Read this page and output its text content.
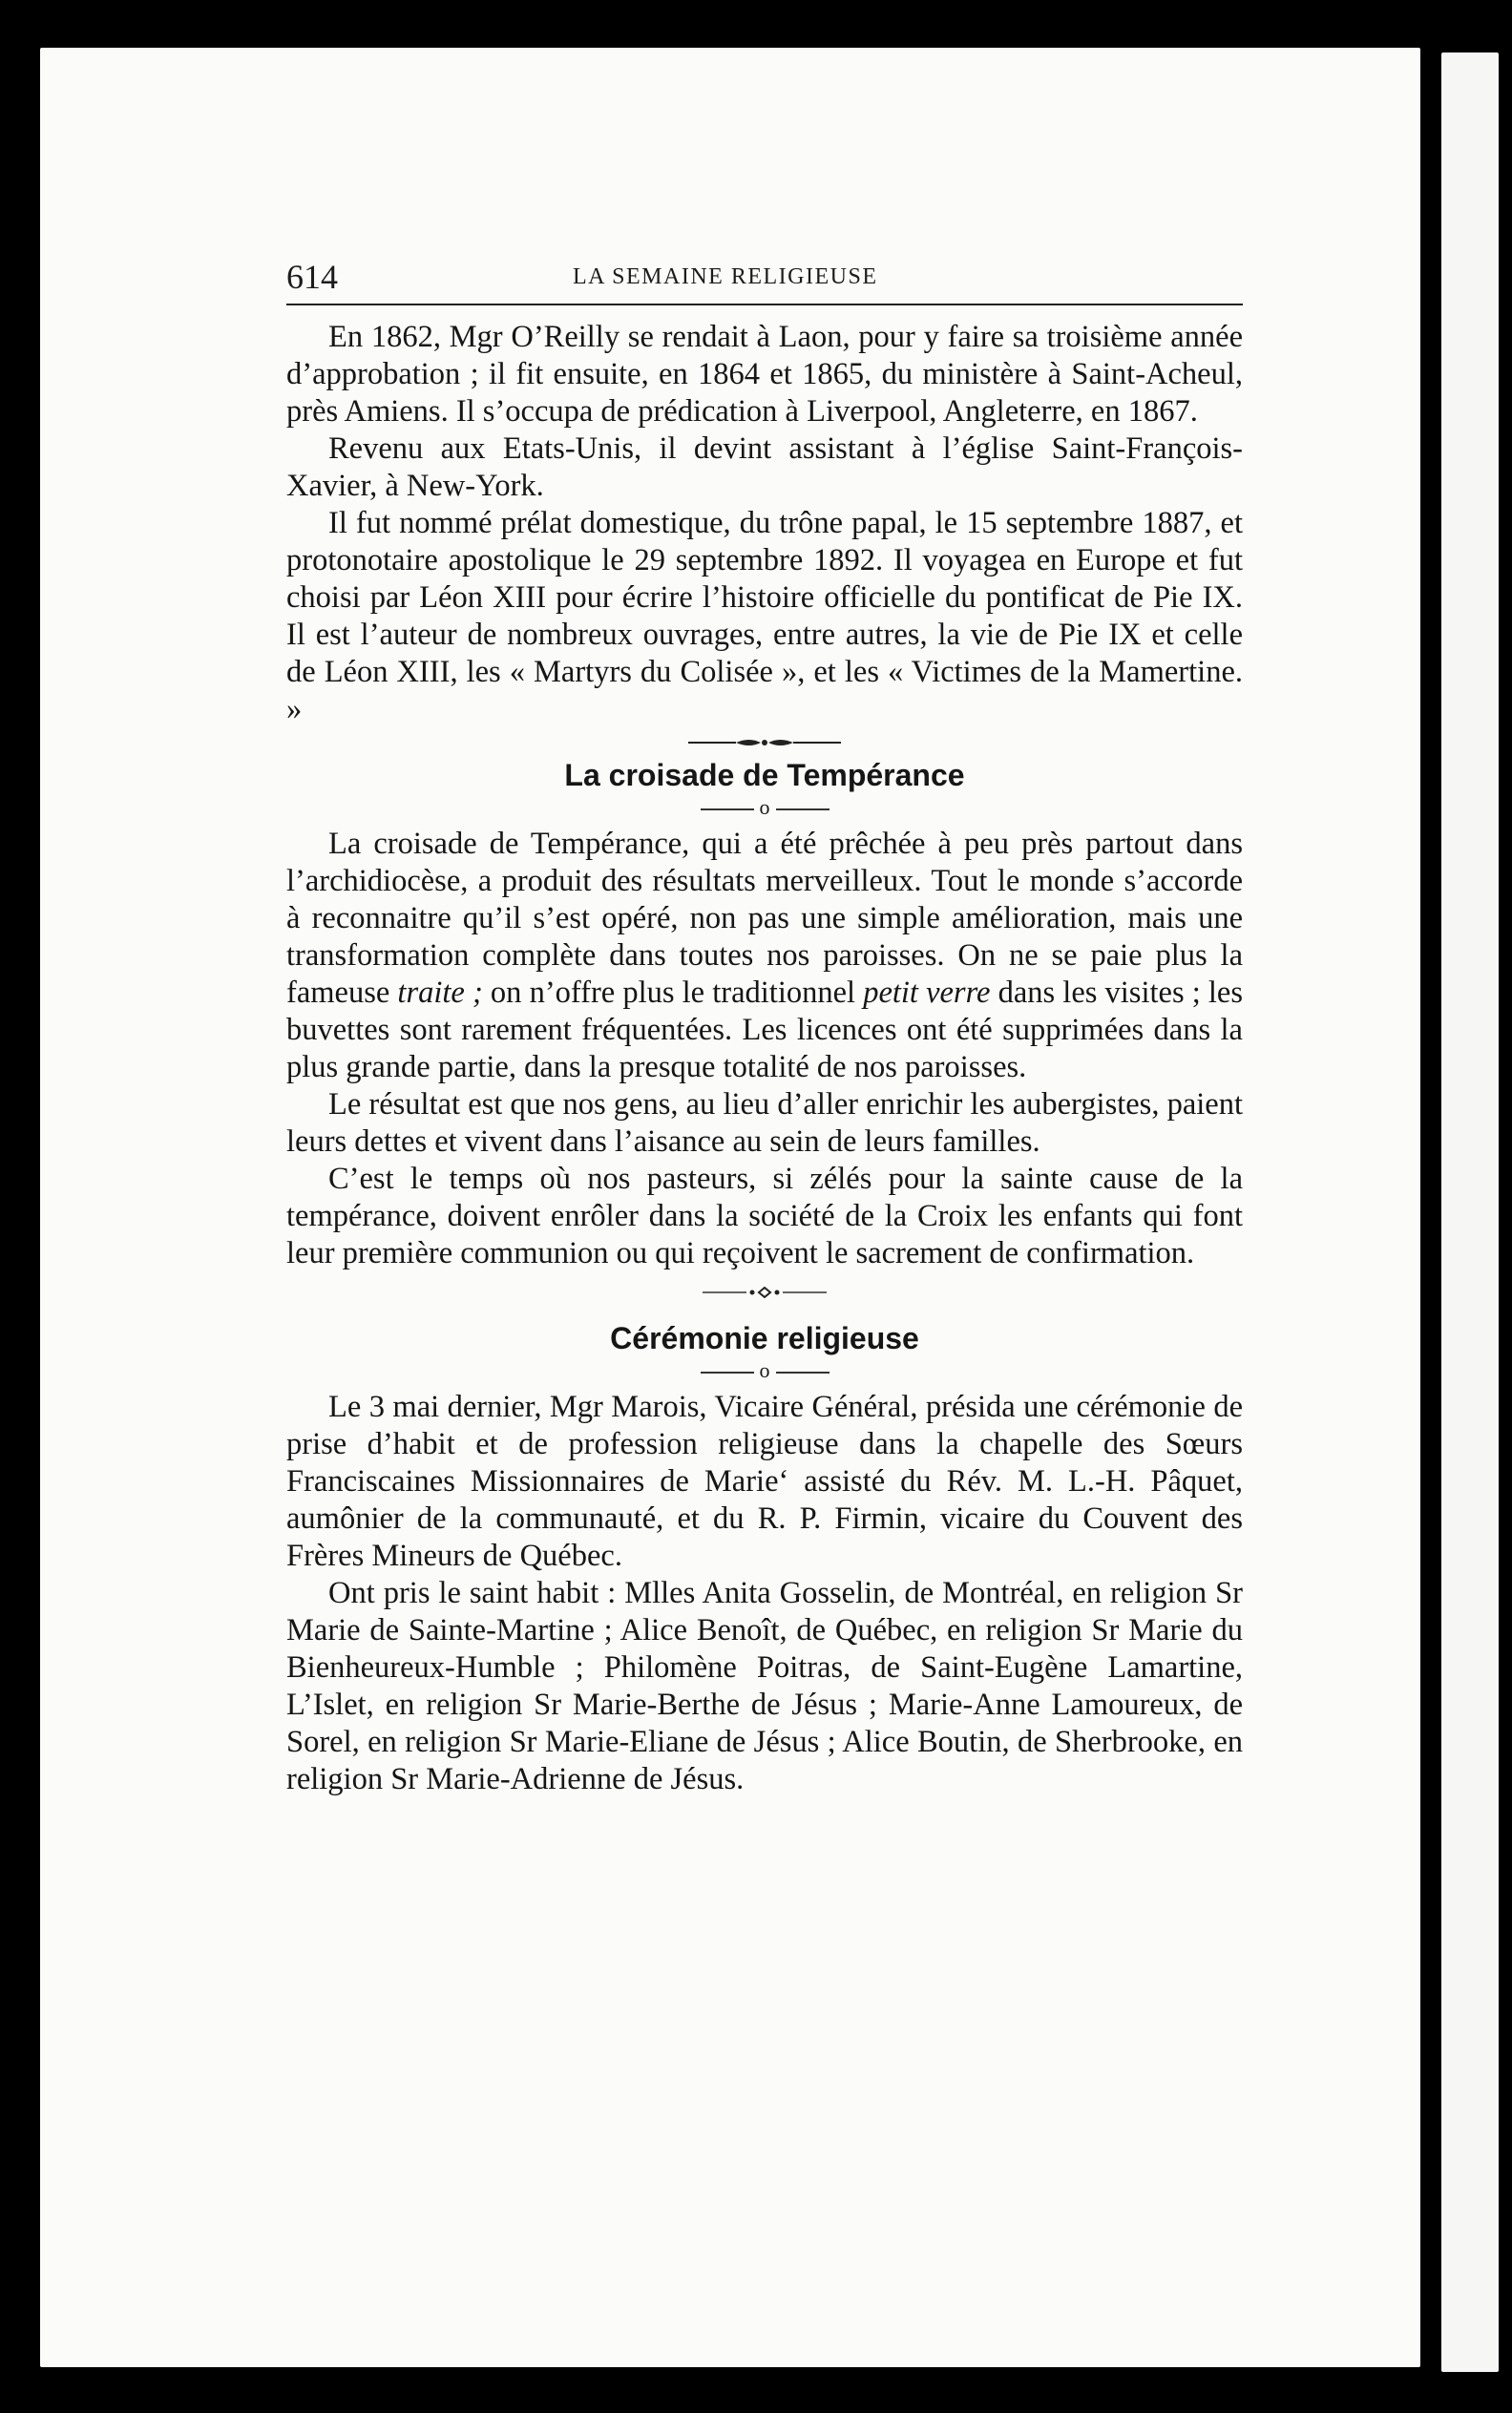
614	LA SEMAINE RELIGIEUSE

En 1862, Mgr O’Reilly se rendait à Laon, pour y faire sa troisième année d’approbation ; il fit ensuite, en 1864 et 1865, du ministère à Saint-Acheul, près Amiens. Il s’occupa de prédication à Liverpool, Angleterre, en 1867.

Revenu aux Etats-Unis, il devint assistant à l’église Saint-François-Xavier, à New-York.

Il fut nommé prélat domestique, du trône papal, le 15 septembre 1887, et protonotaire apostolique le 29 septembre 1892. Il voyagea en Europe et fut choisi par Léon XIII pour écrire l’histoire officielle du pontificat de Pie IX. Il est l’auteur de nombreux ouvrages, entre autres, la vie de Pie IX et celle de Léon XIII, les « Martyrs du Colisée », et les « Victimes de la Mamertine. »

La croisade de Tempérance
o

La croisade de Tempérance, qui a été prêchée à peu près partout dans l’archidiocèse, a produit des résultats merveilleux. Tout le monde s’accorde à reconnaitre qu’il s’est opéré, non pas une simple amélioration, mais une transformation complète dans toutes nos paroisses. On ne se paie plus la fameuse traite ; on n’offre plus le traditionnel petit verre dans les visites ; les buvettes sont rarement fréquentées. Les licences ont été supprimées dans la plus grande partie, dans la presque totalité de nos paroisses.

Le résultat est que nos gens, au lieu d’aller enrichir les aubergistes, paient leurs dettes et vivent dans l’aisance au sein de leurs familles.

C’est le temps où nos pasteurs, si zélés pour la sainte cause de la tempérance, doivent enrôler dans la société de la Croix les enfants qui font leur première communion ou qui reçoivent le sacrement de confirmation.

Cérémonie religieuse
o

Le 3 mai dernier, Mgr Marois, Vicaire Général, présida une cérémonie de prise d’habit et de profession religieuse dans la chapelle des Sœurs Franciscaines Missionnaires de Marie‘ assisté du Rév. M. L.-H. Pâquet, aumônier de la communauté, et du R. P. Firmin, vicaire du Couvent des Frères Mineurs de Québec.

Ont pris le saint habit : Mlles Anita Gosselin, de Montréal, en religion Sr Marie de Sainte-Martine ; Alice Benoît, de Québec, en religion Sr Marie du Bienheureux-Humble ; Philomène Poitras, de Saint-Eugène Lamartine, L’Islet, en religion Sr Marie-Berthe de Jésus ; Marie-Anne Lamoureux, de Sorel, en religion Sr Marie-Eliane de Jésus ; Alice Boutin, de Sherbrooke, en religion Sr Marie-Adrienne de Jésus.
